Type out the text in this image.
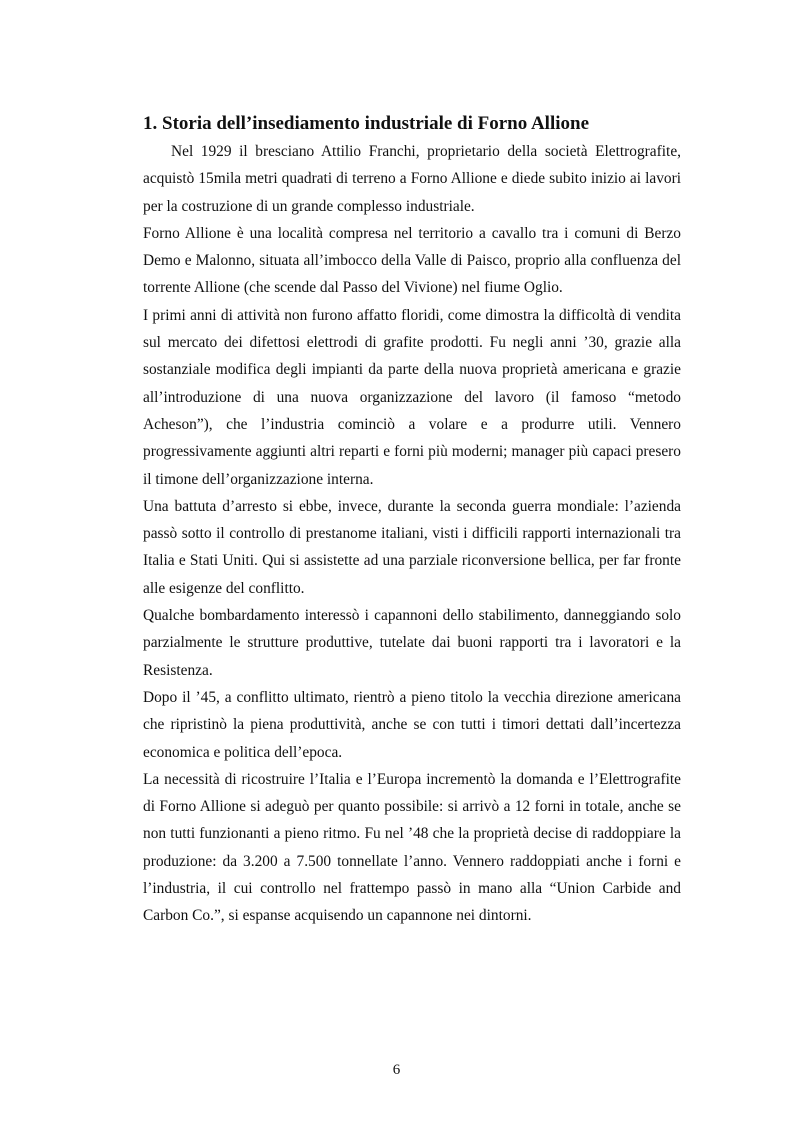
1. Storia dell’insediamento industriale di Forno Allione

Nel 1929 il bresciano Attilio Franchi, proprietario della società Elettrografite, acquistò 15mila metri quadrati di terreno a Forno Allione e diede subito inizio ai lavori per la costruzione di un grande complesso industriale.

Forno Allione è una località compresa nel territorio a cavallo tra i comuni di Berzo Demo e Malonno, situata all’imbocco della Valle di Paisco, proprio alla confluenza del torrente Allione (che scende dal Passo del Vivione) nel fiume Oglio.

I primi anni di attività non furono affatto floridi, come dimostra la difficoltà di vendita sul mercato dei difettosi elettrodi di grafite prodotti. Fu negli anni ’30, grazie alla sostanziale modifica degli impianti da parte della nuova proprietà americana e grazie all’introduzione di una nuova organizzazione del lavoro (il famoso “metodo Acheson”), che l’industria cominciò a volare e a produrre utili. Vennero progressivamente aggiunti altri reparti e forni più moderni; manager più capaci presero il timone dell’organizzazione interna.

Una battuta d’arresto si ebbe, invece, durante la seconda guerra mondiale: l’azienda passò sotto il controllo di prestanome italiani, visti i difficili rapporti internazionali tra Italia e Stati Uniti. Qui si assistette ad una parziale riconversione bellica, per far fronte alle esigenze del conflitto.

Qualche bombardamento interessò i capannoni dello stabilimento, danneggiando solo parzialmente le strutture produttive, tutelate dai buoni rapporti tra i lavoratori e la Resistenza.

Dopo il ’45, a conflitto ultimato, rientrò a pieno titolo la vecchia direzione americana che ripristinò la piena produttività, anche se con tutti i timori dettati dall’incertezza economica e politica dell’epoca.

La necessità di ricostruire l’Italia e l’Europa incrementò la domanda e l’Elettrografite di Forno Allione si adeguò per quanto possibile: si arrivò a 12 forni in totale, anche se non tutti funzionanti a pieno ritmo. Fu nel ’48 che la proprietà decise di raddoppiare la produzione: da 3.200 a 7.500 tonnellate l’anno. Vennero raddoppiati anche i forni e l’industria, il cui controllo nel frattempo passò in mano alla “Union Carbide and Carbon Co.”, si espanse acquisendo un capannone nei dintorni.

6
